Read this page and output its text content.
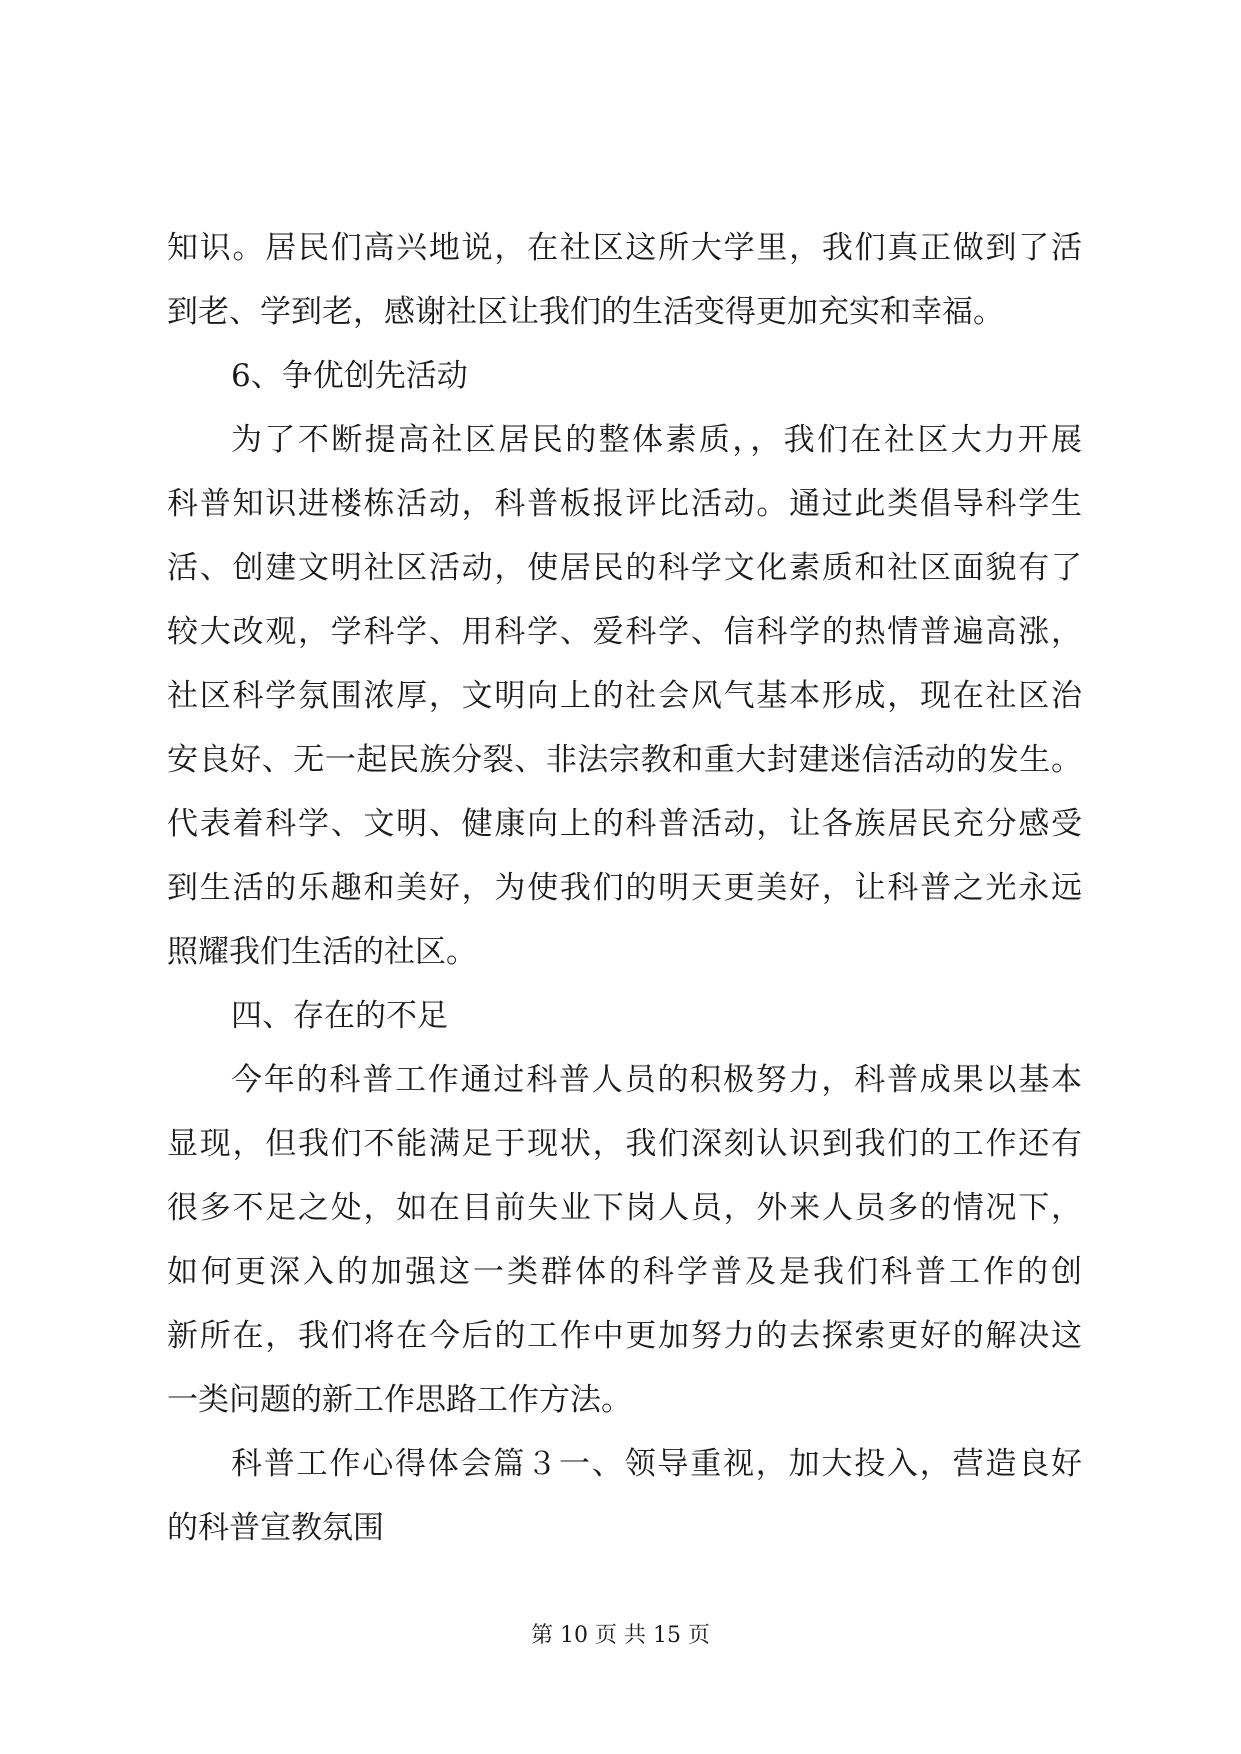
知识。居民们高兴地说，在社区这所大学里，我们真正做到了活
到老、学到老，感谢社区让我们的生活变得更加充实和幸福。
6、争优创先活动
为了不断提高社区居民的整体素质，，我们在社区大力开展
科普知识进楼栋活动，科普板报评比活动。通过此类倡导科学生
活、创建文明社区活动，使居民的科学文化素质和社区面貌有了
较大改观，学科学、用科学、爱科学、信科学的热情普遍高涨，
社区科学氛围浓厚，文明向上的社会风气基本形成，现在社区治
安良好、无一起民族分裂、非法宗教和重大封建迷信活动的发生。
代表着科学、文明、健康向上的科普活动，让各族居民充分感受
到生活的乐趣和美好，为使我们的明天更美好，让科普之光永远
照耀我们生活的社区。
四、存在的不足
今年的科普工作通过科普人员的积极努力，科普成果以基本
显现，但我们不能满足于现状，我们深刻认识到我们的工作还有
很多不足之处，如在目前失业下岗人员，外来人员多的情况下，
如何更深入的加强这一类群体的科学普及是我们科普工作的创
新所在，我们将在今后的工作中更加努力的去探索更好的解决这
一类问题的新工作思路工作方法。
科普工作心得体会篇３一、领导重视，加大投入，营造良好
的科普宣教氛围
第 10 页 共 15 页
